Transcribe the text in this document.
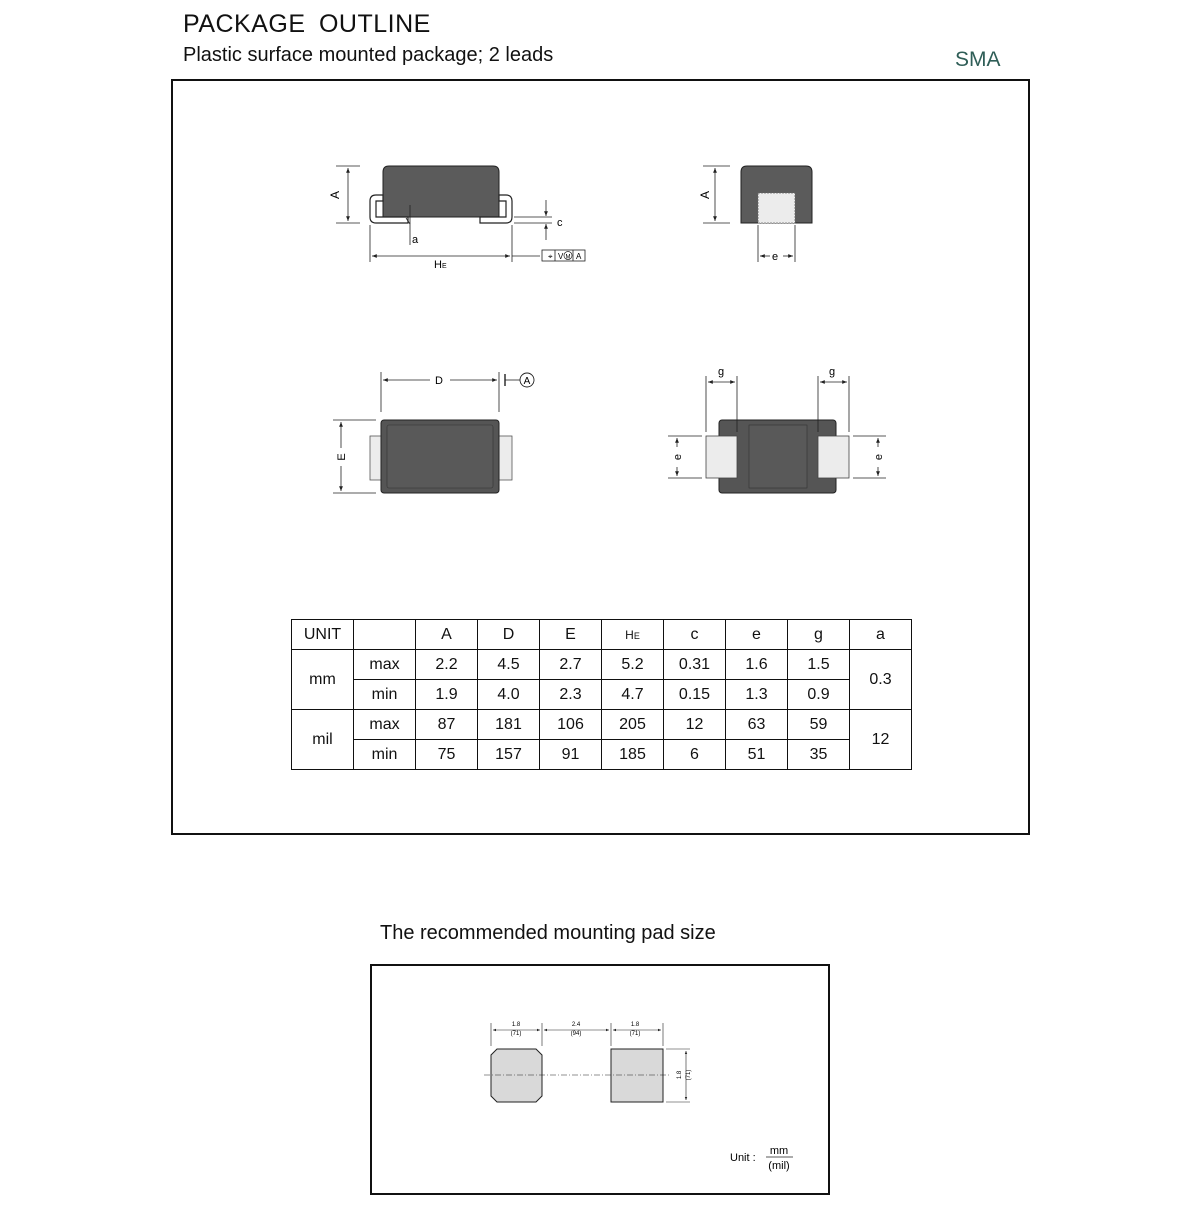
PACKAGE OUTLINE
Plastic surface mounted package; 2 leads	SMA
A
c
a
HE
⌖ V M A
A
e
D	A
E
g	g
e	e
UNIT		A	D	E	HE	c	e	g	a
mm	max	2.2	4.5	2.7	5.2	0.31	1.6	1.5	0.3
	min	1.9	4.0	2.3	4.7	0.15	1.3	0.9	
mil	max	87	181	106	205	12	63	59	12
	min	75	157	91	185	6	51	35	
The recommended mounting pad size
1.8
(71)
2.4
(94)
1.8
(71)
1.8 (71)
Unit :
mm
(mil)
